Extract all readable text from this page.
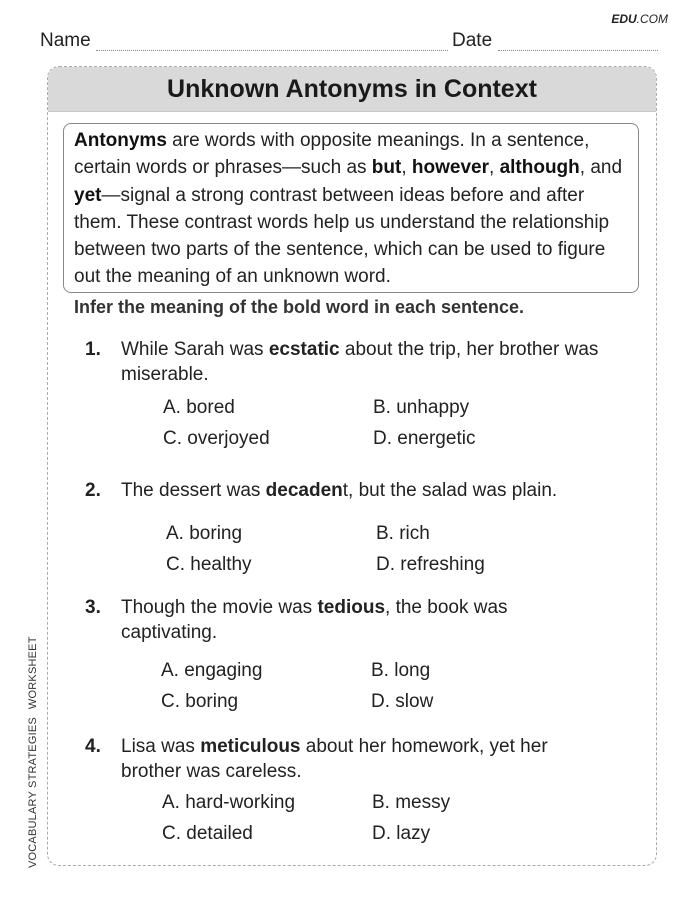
EDU.COM
Name	Date
VOCABULARY STRATEGIESWORKSHEET
Unknown Antonyms in Context
Antonyms are words with opposite meanings. In a sentence, certain words or phrases—such as but, however, although, and yet—signal a strong contrast between ideas before and after them. These contrast words help us understand the relationship between two parts of the sentence, which can be used to figure out the meaning of an unknown word.
Infer the meaning of the bold word in each sentence.
1. While Sarah was ecstatic about the trip, her brother was miserable.
A. bored	B. unhappy
C. overjoyed	D. energetic
2. The dessert was decadent, but the salad was plain.
A. boring	B. rich
C. healthy	D. refreshing
3. Though the movie was tedious, the book was captivating.
A. engaging	B. long
C. boring	D. slow
4. Lisa was meticulous about her homework, yet her brother was careless.
A. hard-working	B. messy
C. detailed	D. lazy
